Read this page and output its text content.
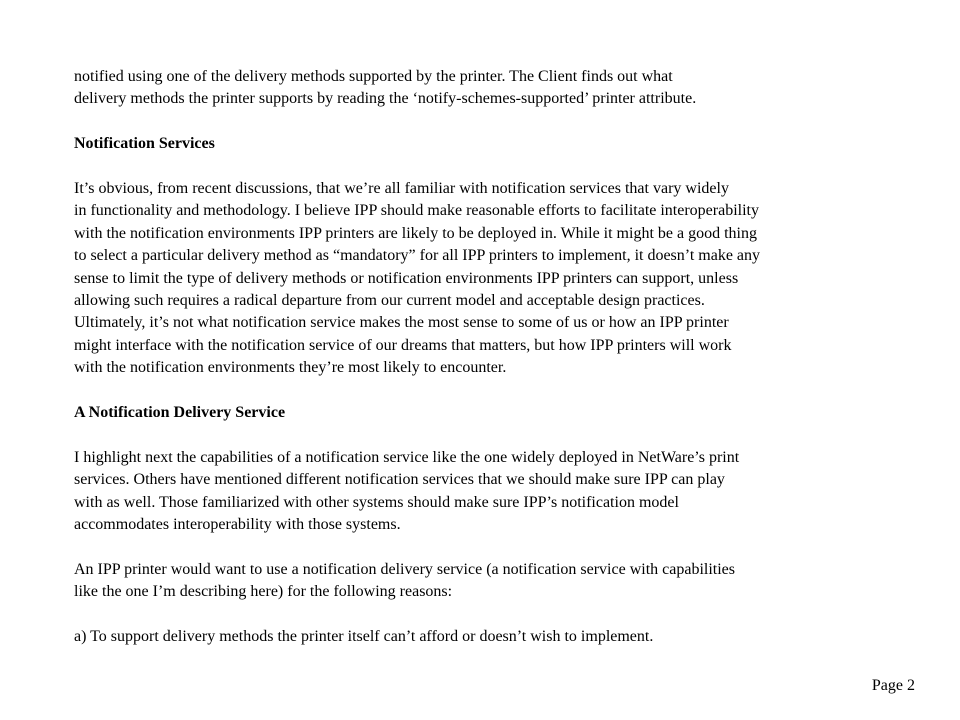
notified using one of the delivery methods supported by the printer. The Client finds out what
delivery methods the printer supports by reading the ‘notify-schemes-supported’ printer attribute.

Notification Services

It’s obvious, from recent discussions, that we’re all familiar with notification services that vary widely
in functionality and methodology. I believe IPP should make reasonable efforts to facilitate interoperability
with the notification environments IPP printers are likely to be deployed in. While it might be a good thing
to select a particular delivery method as “mandatory” for all IPP printers to implement, it doesn’t make any
sense to limit the type of delivery methods or notification environments IPP printers can support, unless
allowing such requires a radical departure from our current model and acceptable design practices.
Ultimately, it’s not what notification service makes the most sense to some of us or how an IPP printer
might interface with the notification service of our dreams that matters, but how IPP printers will work
with the notification environments they’re most likely to encounter.

A Notification Delivery Service

I highlight next the capabilities of a notification service like the one widely deployed in NetWare’s print
services. Others have mentioned different notification services that we should make sure IPP can play
with as well. Those familiarized with other systems should make sure IPP’s notification model
accommodates interoperability with those systems.

An IPP printer would want to use a notification delivery service (a notification service with capabilities
like the one I’m describing here) for the following reasons:

a) To support delivery methods the printer itself can’t afford or doesn’t wish to implement.

Page 2
